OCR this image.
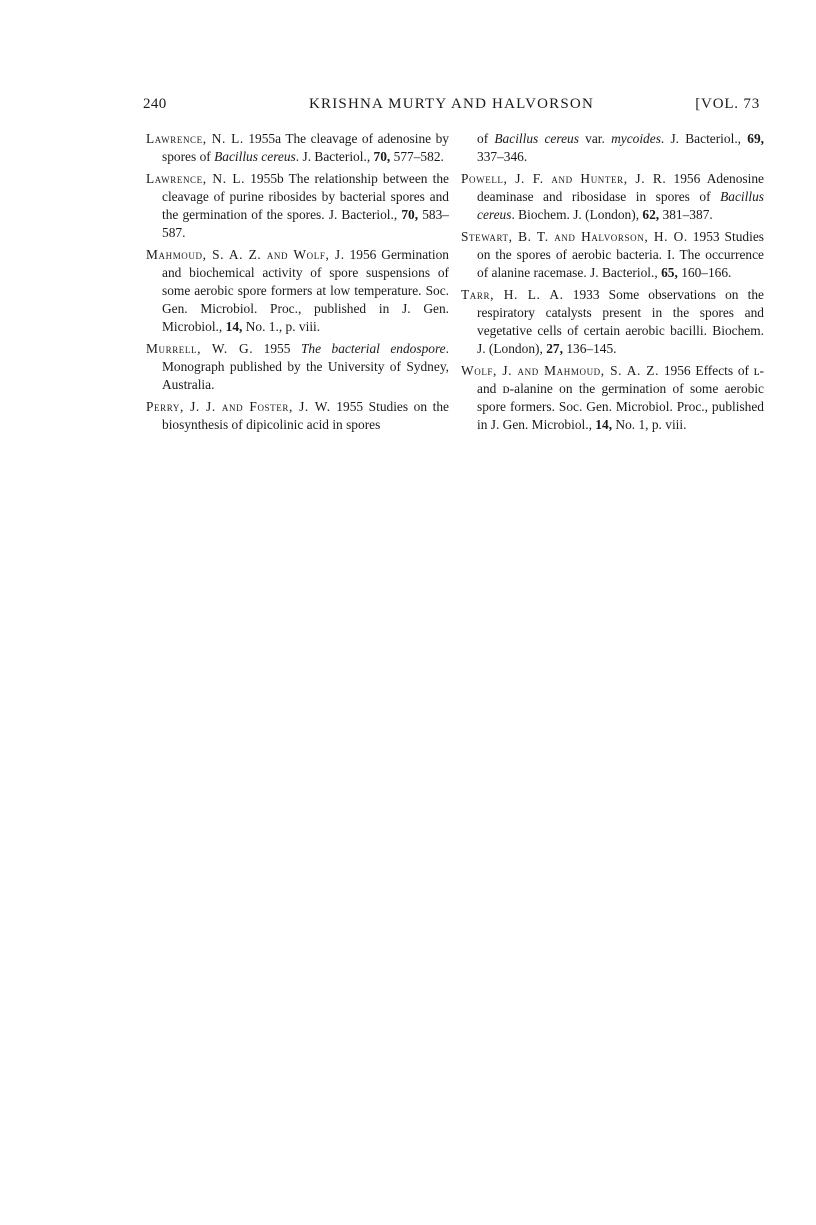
240	KRISHNA MURTY AND HALVORSON	[VOL. 73

Lawrence, N. L. 1955a The cleavage of adenosine by spores of Bacillus cereus. J. Bacteriol., 70, 577–582.

Lawrence, N. L. 1955b The relationship between the cleavage of purine ribosides by bacterial spores and the germination of the spores. J. Bacteriol., 70, 583–587.

Mahmoud, S. A. Z. and Wolf, J. 1956 Germination and biochemical activity of spore suspensions of some aerobic spore formers at low temperature. Soc. Gen. Microbiol. Proc., published in J. Gen. Microbiol., 14, No. 1., p. viii.

Murrell, W. G. 1955 The bacterial endospore. Monograph published by the University of Sydney, Australia.

Perry, J. J. and Foster, J. W. 1955 Studies on the biosynthesis of dipicolinic acid in spores

of Bacillus cereus var. mycoides. J. Bacteriol., 69, 337–346.

Powell, J. F. and Hunter, J. R. 1956 Adenosine deaminase and ribosidase in spores of Bacillus cereus. Biochem. J. (London), 62, 381–387.

Stewart, B. T. and Halvorson, H. O. 1953 Studies on the spores of aerobic bacteria. I. The occurrence of alanine racemase. J. Bacteriol., 65, 160–166.

Tarr, H. L. A. 1933 Some observations on the respiratory catalysts present in the spores and vegetative cells of certain aerobic bacilli. Biochem. J. (London), 27, 136–145.

Wolf, J. and Mahmoud, S. A. Z. 1956 Effects of ʟ- and ᴅ-alanine on the germination of some aerobic spore formers. Soc. Gen. Microbiol. Proc., published in J. Gen. Microbiol., 14, No. 1, p. viii.
